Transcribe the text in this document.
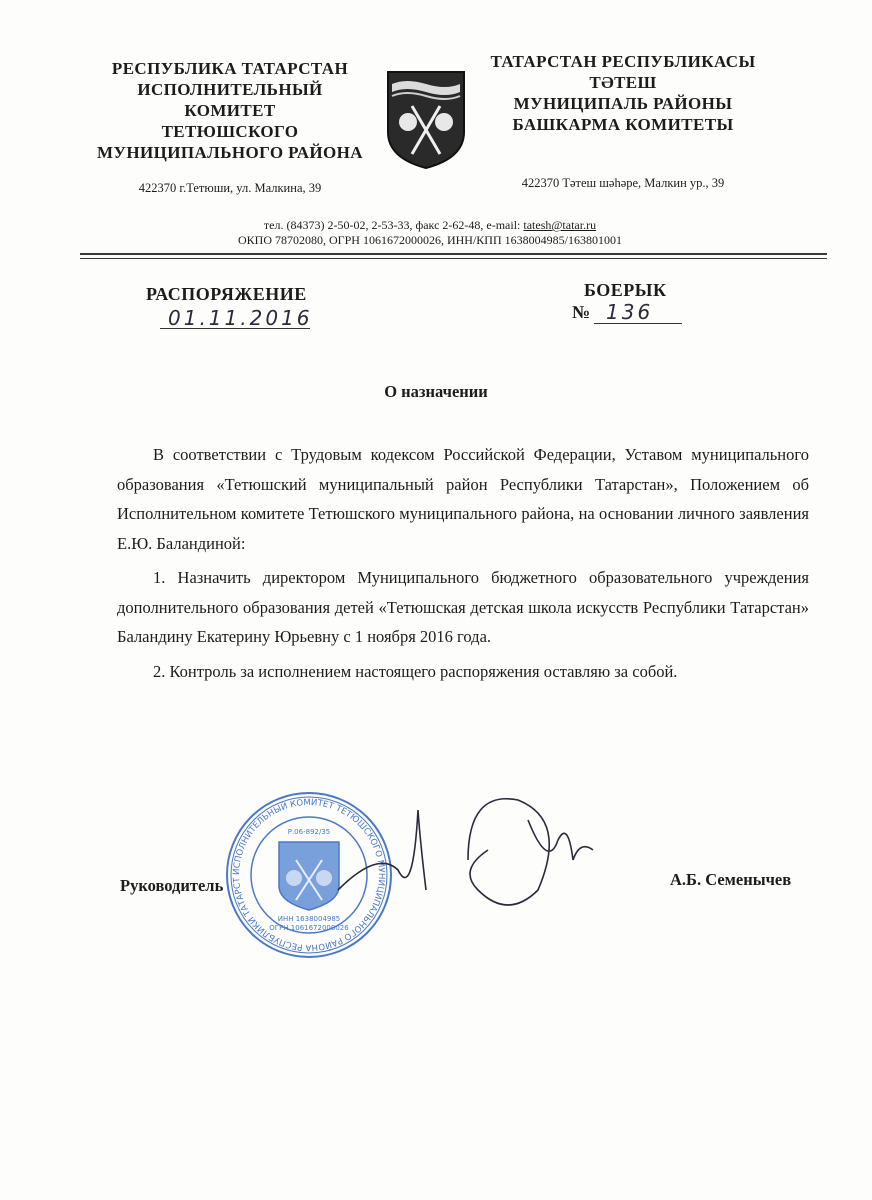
РЕСПУБЛИКА ТАТАРСТАН
ИСПОЛНИТЕЛЬНЫЙ
КОМИТЕТ
ТЕТЮШСКОГО
МУНИЦИПАЛЬНОГО РАЙОНА
422370 г.Тетюши, ул. Малкина, 39
ТАТАРСТАН РЕСПУБЛИКАСЫ
ТӘТЕШ
МУНИЦИПАЛЬ РАЙОНЫ
БАШКАРМА КОМИТЕТЫ
422370 Тәтеш шәһәре, Малкин ур., 39
тел. (84373) 2-50-02, 2-53-33, факс 2-62-48, e-mail: tatesh@tatar.ru
ОКПО 78702080, ОГРН 1061672000026, ИНН/КПП 1638004985/163801001
РАСПОРЯЖЕНИЕ
01.11.2016
БОЕРЫК
№ 136
О назначении

В соответствии с Трудовым кодексом Российской Федерации, Уставом муниципального образования «Тетюшский муниципальный район Республики Татарстан», Положением об Исполнительном комитете Тетюшского муниципального района, на основании личного заявления Е.Ю. Баландиной:

1. Назначить директором Муниципального бюджетного образовательного учреждения дополнительного образования детей «Тетюшская детская школа искусств Республики Татарстан» Баландину Екатерину Юрьевну с 1 ноября 2016 года.

2. Контроль за исполнением настоящего распоряжения оставляю за собой.

ИСПОЛНИТЕЛЬНЫЙ КОМИТЕТ ТЕТЮШСКОГО МУНИЦИПАЛЬНОГО РАЙОНА РЕСПУБЛИКИ ТАТАРСТ
Р.06-892/35
ИНН 1638004985
ОГРН 1061672000026
Руководитель	А.Б. Семенычев
